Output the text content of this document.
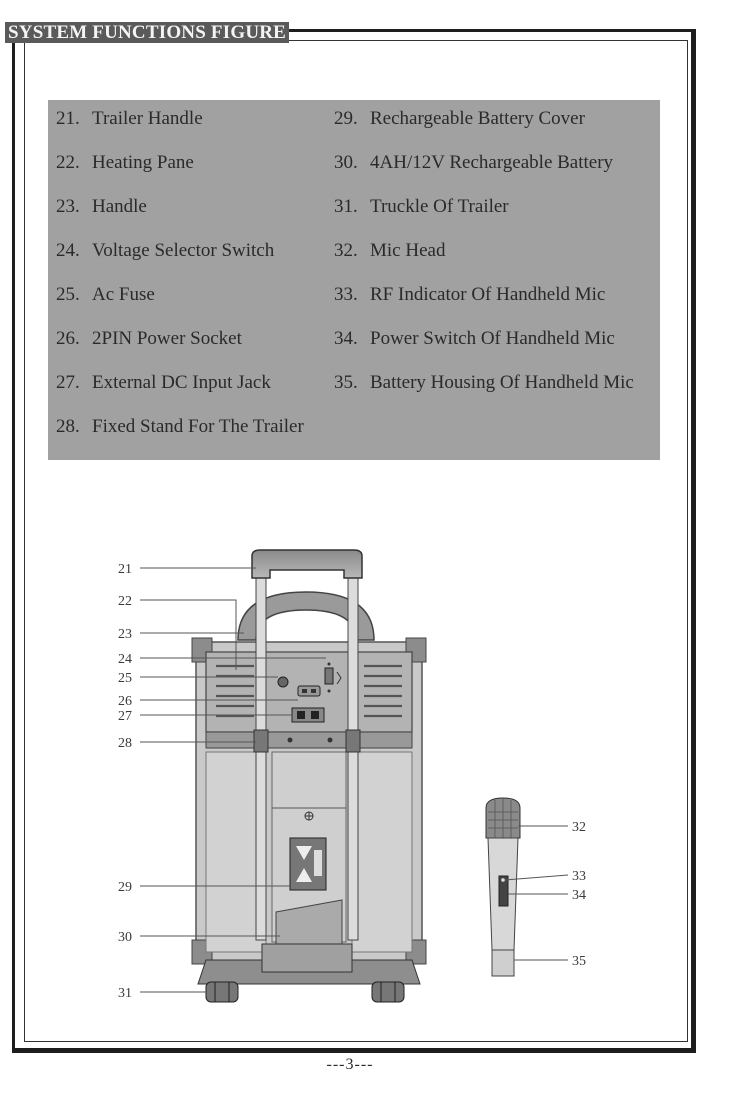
SYSTEM FUNCTIONS FIGURE
21. Trailer Handle
22. Heating Pane
23. Handle
24. Voltage Selector Switch
25. Ac Fuse
26. 2PIN Power Socket
27. External DC Input Jack
28. Fixed Stand For The Trailer
29. Rechargeable Battery Cover
30. 4AH/12V Rechargeable Battery
31. Truckle Of Trailer
32. Mic Head
33. RF Indicator Of Handheld Mic
34. Power Switch Of Handheld Mic
35. Battery Housing Of Handheld Mic
21
22
23
24
25
26
27
28
29
30
31
32
33
34
35
---3---
